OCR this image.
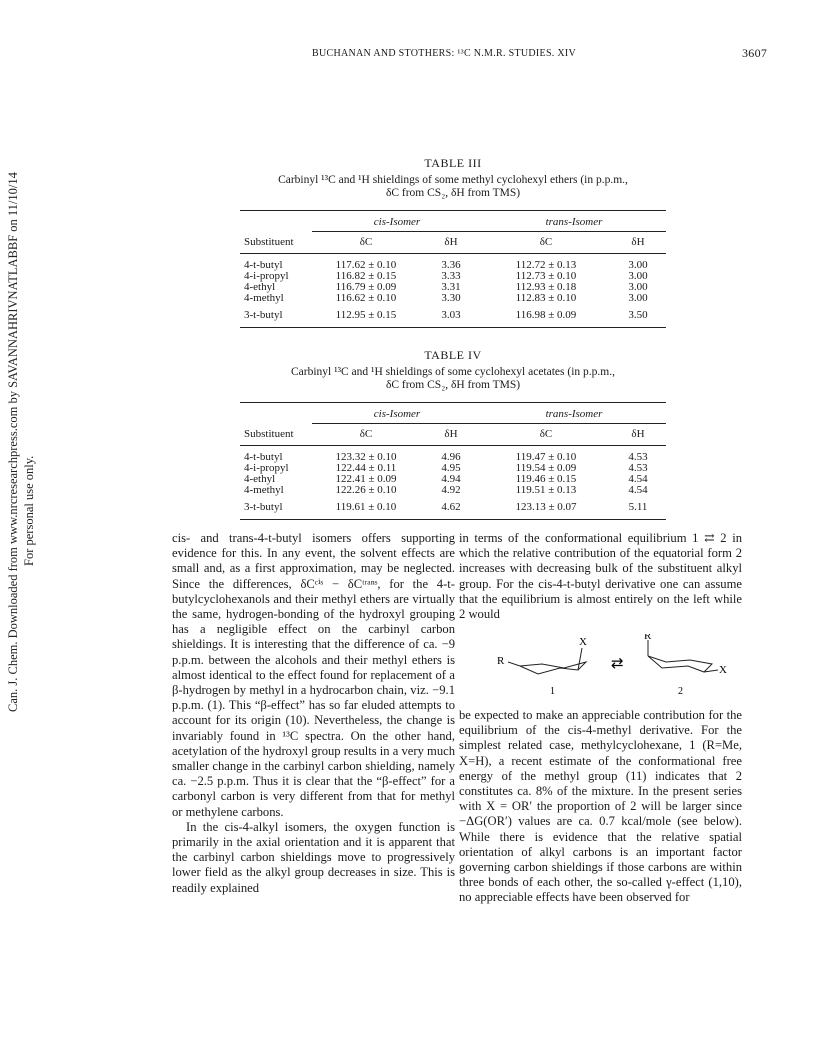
Can. J. Chem. Downloaded from www.nrcresearchpress.com by SAVANNAHRIVNATLABBF on 11/10/14 For personal use only.
BUCHANAN AND STOTHERS: ¹³C N.M.R. STUDIES. XIV	3607
TABLE III
Carbinyl ¹³C and ¹H shieldings of some methyl cyclohexyl ethers (in p.p.m.,
δC from CS₂, δH from TMS)

	cis-Isomer		trans-Isomer	
Substituent	δC	δH	δC	δH

4-t-butyl	117.62 ± 0.10	3.36	112.72 ± 0.13	3.00
4-i-propyl	116.82 ± 0.15	3.33	112.73 ± 0.10	3.00
4-ethyl	116.79 ± 0.09	3.31	112.93 ± 0.18	3.00
4-methyl	116.62 ± 0.10	3.30	112.83 ± 0.10	3.00

3-t-butyl	112.95 ± 0.15	3.03	116.98 ± 0.09	3.50
TABLE IV
Carbinyl ¹³C and ¹H shieldings of some cyclohexyl acetates (in p.p.m.,
δC from CS₂, δH from TMS)

	cis-Isomer		trans-Isomer	
Substituent	δC	δH	δC	δH

4-t-butyl	123.32 ± 0.10	4.96	119.47 ± 0.10	4.53
4-i-propyl	122.44 ± 0.11	4.95	119.54 ± 0.09	4.53
4-ethyl	122.41 ± 0.09	4.94	119.46 ± 0.15	4.54
4-methyl	122.26 ± 0.10	4.92	119.51 ± 0.13	4.54

3-t-butyl	119.61 ± 0.10	4.62	123.13 ± 0.07	5.11

cis- and trans-4-t-butyl isomers offers supporting evidence for this. In any event, the solvent effects are small and, as a first approximation, may be neglected. Since the differences, δCᶜⁱˢ − δCᵗʳᵃⁿˢ, for the 4-t-butylcyclohexanols and their methyl ethers are virtually the same, hydrogen-bonding of the hydroxyl grouping has a negligible effect on the carbinyl carbon shieldings. It is interesting that the difference of ca. −9 p.p.m. between the alcohols and their methyl ethers is almost identical to the effect found for replacement of a β-hydrogen by methyl in a hydrocarbon chain, viz. −9.1 p.p.m. (1). This “β-effect” has so far eluded attempts to account for its origin (10). Nevertheless, the change is invariably found in ¹³C spectra. On the other hand, acetylation of the hydroxyl group results in a very much smaller change in the carbinyl carbon shielding, namely ca. −2.5 p.p.m. Thus it is clear that the “β-effect” for a carbonyl carbon is very different from that for methyl or methylene carbons.

In the cis-4-alkyl isomers, the oxygen function is primarily in the axial orientation and it is apparent that the carbinyl carbon shieldings move to progressively lower field as the alkyl group decreases in size. This is readily explained

in terms of the conformational equilibrium 1 ⇄ 2 in which the relative contribution of the equatorial form 2 increases with decreasing bulk of the substituent alkyl group. For the cis-4-t-butyl derivative one can assume that the equilibrium is almost entirely on the left while 2 would

X
R
R
X
⇄
1	2

be expected to make an appreciable contribution for the equilibrium of the cis-4-methyl derivative. For the simplest related case, methylcyclohexane, 1 (R=Me, X=H), a recent estimate of the conformational free energy of the methyl group (11) indicates that 2 constitutes ca. 8% of the mixture. In the present series with X = OR′ the proportion of 2 will be larger since −ΔG(OR′) values are ca. 0.7 kcal/mole (see below). While there is evidence that the relative spatial orientation of alkyl carbons is an important factor governing carbon shieldings if those carbons are within three bonds of each other, the so-called γ-effect (1,10), no appreciable effects have been observed for
